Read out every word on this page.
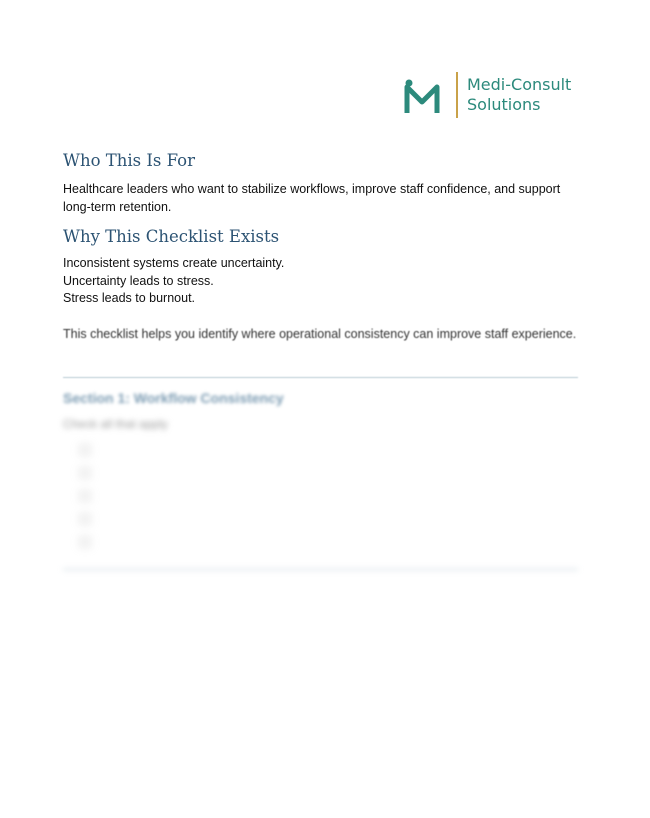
Medi-Consult
Solutions
Who This Is For

Healthcare leaders who want to stabilize workflows, improve staff confidence, and support long-term retention.

Why This Checklist Exists

Inconsistent systems create uncertainty.

Uncertainty leads to stress.

Stress leads to burnout.

This checklist helps you identify where operational consistency can improve staff experience.

Section 1: Workflow Consistency
Check all that apply
